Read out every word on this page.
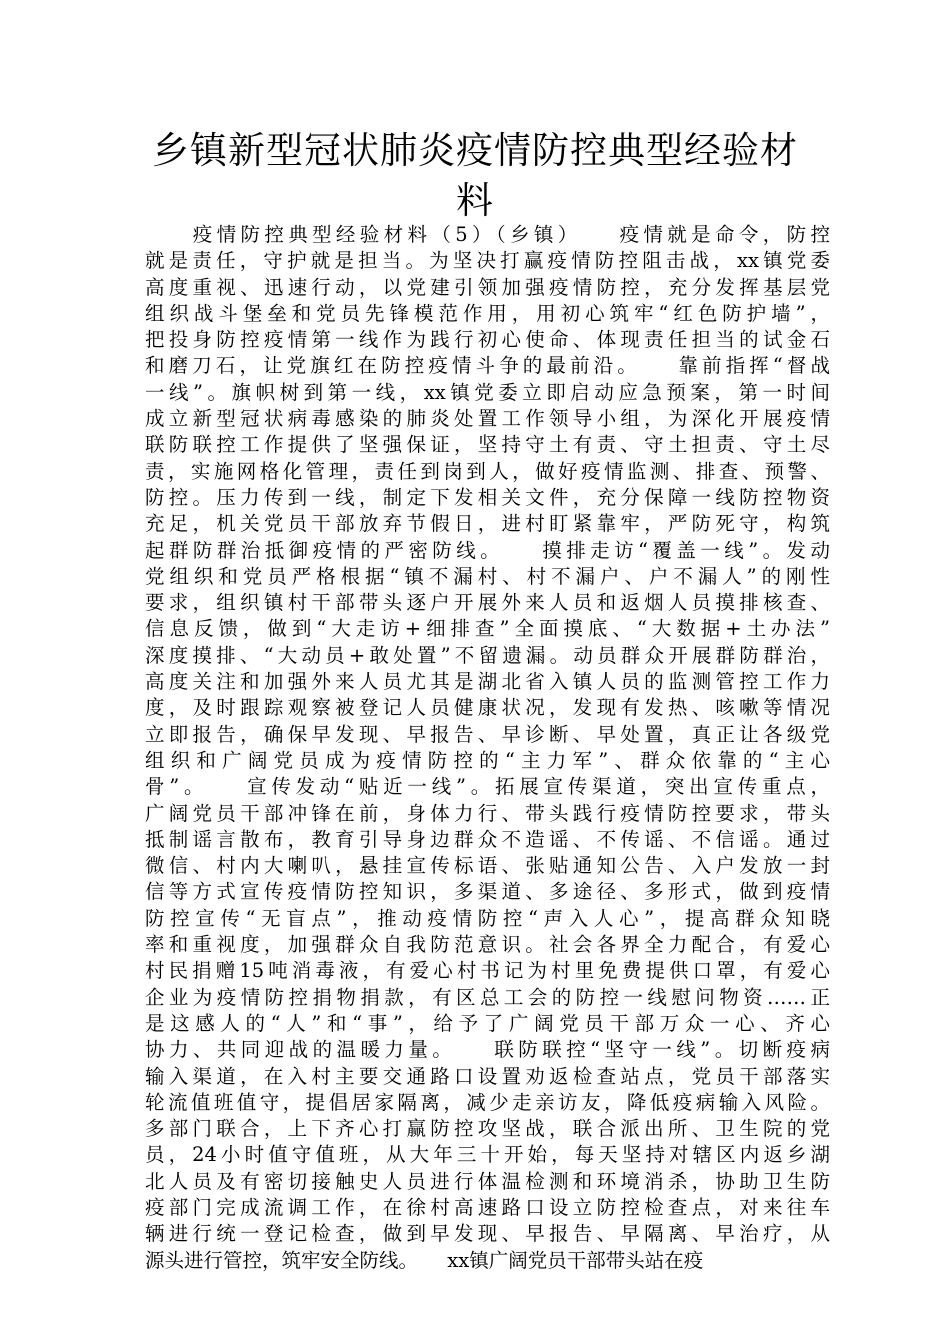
乡镇新型冠状肺炎疫情防控典型经验材
料
　　疫情防控典型经验材料（5）（乡镇）　　疫情就是命令，防控
就是责任，守护就是担当。为坚决打赢疫情防控阻击战，xx镇党委
高度重视、迅速行动，以党建引领加强疫情防控，充分发挥基层党
组织战斗堡垒和党员先锋模范作用，用初心筑牢“红色防护墙”，
把投身防控疫情第一线作为践行初心使命、体现责任担当的试金石
和磨刀石，让党旗红在防控疫情斗争的最前沿。　　靠前指挥“督战
一线”。旗帜树到第一线，xx镇党委立即启动应急预案，第一时间
成立新型冠状病毒感染的肺炎处置工作领导小组，为深化开展疫情
联防联控工作提供了坚强保证，坚持守土有责、守土担责、守土尽
责，实施网格化管理，责任到岗到人，做好疫情监测、排查、预警、
防控。压力传到一线，制定下发相关文件，充分保障一线防控物资
充足，机关党员干部放弃节假日，进村盯紧靠牢，严防死守，构筑
起群防群治抵御疫情的严密防线。　　摸排走访“覆盖一线”。发动
党组织和党员严格根据“镇不漏村、村不漏户、户不漏人”的刚性
要求，组织镇村干部带头逐户开展外来人员和返烟人员摸排核查、
信息反馈，做到“大走访+细排查”全面摸底、“大数据+土办法”
深度摸排、“大动员+敢处置”不留遗漏。动员群众开展群防群治，
高度关注和加强外来人员尤其是湖北省入镇人员的监测管控工作力
度，及时跟踪观察被登记人员健康状况，发现有发热、咳嗽等情况
立即报告，确保早发现、早报告、早诊断、早处置，真正让各级党
组织和广阔党员成为疫情防控的“主力军”、群众依靠的“主心
骨”。　　宣传发动“贴近一线”。拓展宣传渠道，突出宣传重点，
广阔党员干部冲锋在前，身体力行、带头践行疫情防控要求，带头
抵制谣言散布，教育引导身边群众不造谣、不传谣、不信谣。通过
微信、村内大喇叭，悬挂宣传标语、张贴通知公告、入户发放一封
信等方式宣传疫情防控知识，多渠道、多途径、多形式，做到疫情
防控宣传“无盲点”，推动疫情防控“声入人心”，提高群众知晓
率和重视度，加强群众自我防范意识。社会各界全力配合，有爱心
村民捐赠15吨消毒液，有爱心村书记为村里免费提供口罩，有爱心
企业为疫情防控捐物捐款，有区总工会的防控一线慰问物资……正
是这感人的“人”和“事”，给予了广阔党员干部万众一心、齐心
协力、共同迎战的温暖力量。　　联防联控“坚守一线”。切断疫病
输入渠道，在入村主要交通路口设置劝返检查站点，党员干部落实
轮流值班值守，提倡居家隔离，减少走亲访友，降低疫病输入风险。
多部门联合，上下齐心打赢防控攻坚战，联合派出所、卫生院的党
员，24小时值守值班，从大年三十开始，每天坚持对辖区内返乡湖
北人员及有密切接触史人员进行体温检测和环境消杀，协助卫生防
疫部门完成流调工作，在徐村高速路口设立防控检查点，对来往车
辆进行统一登记检查，做到早发现、早报告、早隔离、早治疗，从
源头进行管控，筑牢安全防线。　　xx镇广阔党员干部带头站在疫
